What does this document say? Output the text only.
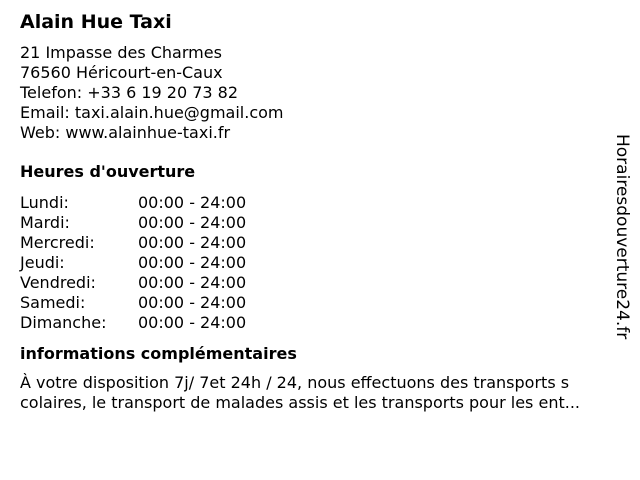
Alain Hue Taxi
21 Impasse des Charmes
76560 Héricourt-en-Caux
Telefon: +33 6 19 20 73 82
Email: taxi.alain.hue@gmail.com
Web: www.alainhue-taxi.fr
Heures d'ouverture
Lundi:	00:00 - 24:00
Mardi:	00:00 - 24:00
Mercredi:	00:00 - 24:00
Jeudi:	00:00 - 24:00
Vendredi:	00:00 - 24:00
Samedi:	00:00 - 24:00
Dimanche: 00:00 - 24:00
informations complémentaires
À votre disposition 7j/ 7et 24h / 24, nous effectuons des transports s
colaires, le transport de malades assis et les transports pour les ent...
Horairesdouverture24.fr
